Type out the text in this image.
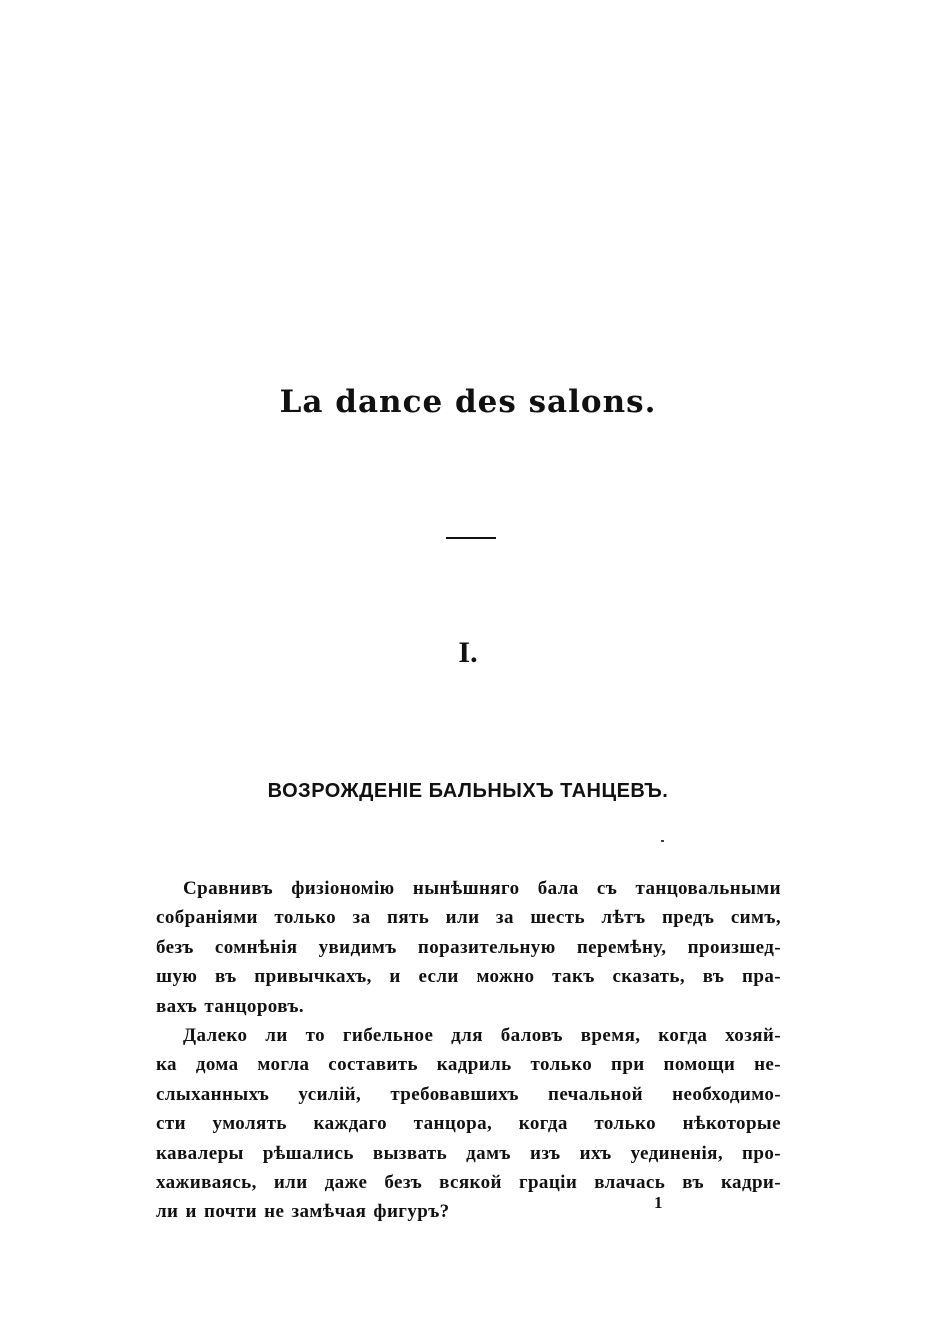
La dance des salons.
I.
ВОЗРОЖДЕНІЕ БАЛЬНЫХЪ ТАНЦЕВЪ.
Сравнивъ физіономію нынѣшняго бала съ танцовальными
собраніями только за пять или за шесть лѣтъ предъ симъ,
безъ сомнѣнія увидимъ поразительную перемѣну, произшед-
шую въ привычкахъ, и если можно такъ сказать, въ пра-
вахъ танцоровъ.
Далеко ли то гибельное для баловъ время, когда хозяй-
ка дома могла составить кадриль только при помощи не-
слыханныхъ усилій, требовавшихъ печальной необходимо-
сти умолять каждаго танцора, когда только нѣкоторые
кавалеры рѣшались вызвать дамъ изъ ихъ уединенія, про-
хаживаясь, или даже безъ всякой граціи влачась въ кадри-
ли и почти не замѣчая фигуръ?	1
